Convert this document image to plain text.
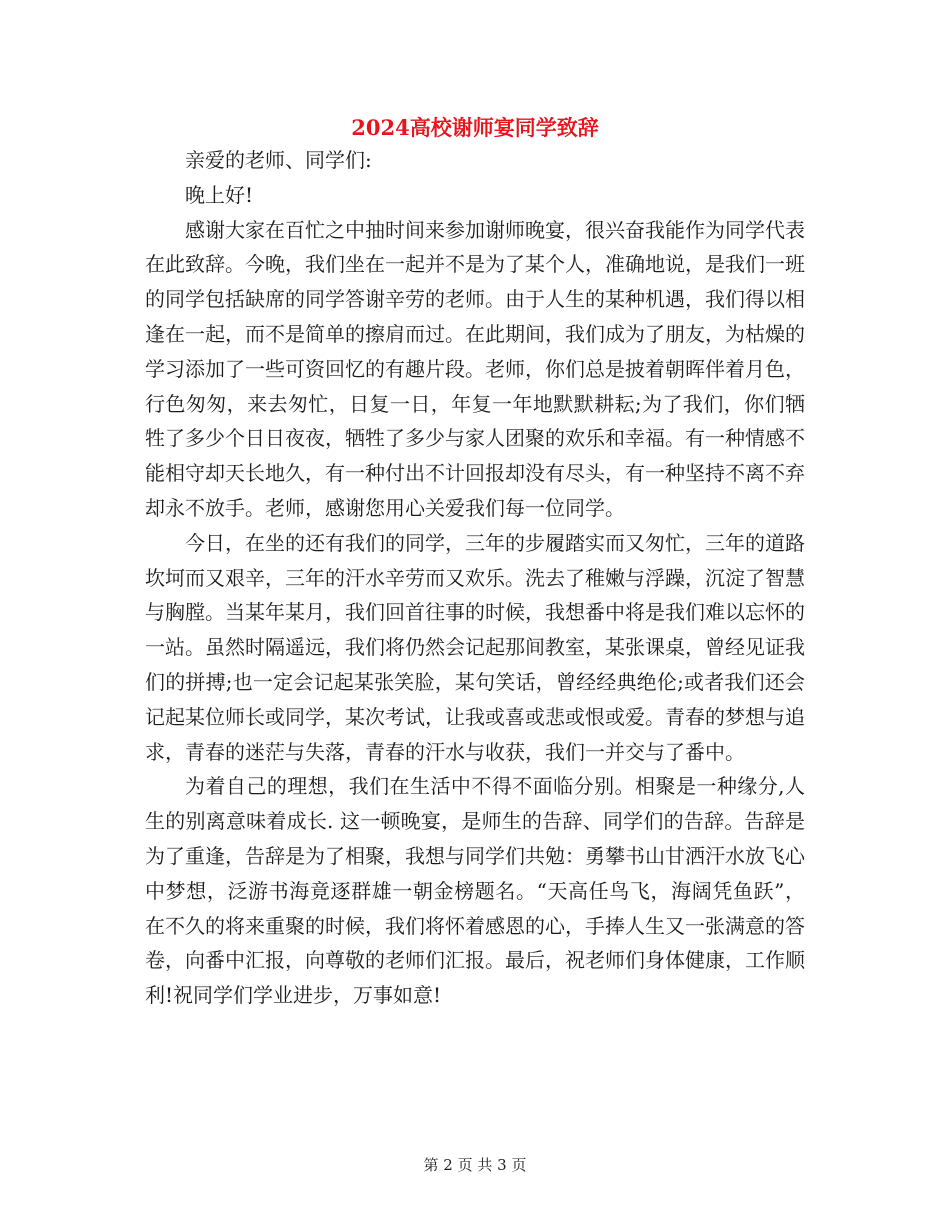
2024高校谢师宴同学致辞

亲爱的老师、同学们:

晚上好!

感谢大家在百忙之中抽时间来参加谢师晚宴，很兴奋我能作为同学代表在此致辞。今晚，我们坐在一起并不是为了某个人，准确地说，是我们一班的同学包括缺席的同学答谢辛劳的老师。由于人生的某种机遇，我们得以相逢在一起，而不是简单的擦肩而过。在此期间，我们成为了朋友，为枯燥的学习添加了一些可资回忆的有趣片段。老师，你们总是披着朝晖伴着月色，行色匆匆，来去匆忙，日复一日，年复一年地默默耕耘;为了我们，你们牺牲了多少个日日夜夜，牺牲了多少与家人团聚的欢乐和幸福。有一种情感不能相守却天长地久，有一种付出不计回报却没有尽头，有一种坚持不离不弃却永不放手。老师，感谢您用心关爱我们每一位同学。

今日，在坐的还有我们的同学，三年的步履踏实而又匆忙，三年的道路坎坷而又艰辛，三年的汗水辛劳而又欢乐。洗去了稚嫩与浮躁，沉淀了智慧与胸膛。当某年某月，我们回首往事的时候，我想番中将是我们难以忘怀的一站。虽然时隔遥远，我们将仍然会记起那间教室，某张课桌，曾经见证我们的拼搏;也一定会记起某张笑脸，某句笑话，曾经经典绝伦;或者我们还会记起某位师长或同学，某次考试，让我或喜或悲或恨或爱。青春的梦想与追求，青春的迷茫与失落，青春的汗水与收获，我们一并交与了番中。

为着自己的理想，我们在生活中不得不面临分别。相聚是一种缘分,人生的别离意味着成长. 这一顿晚宴，是师生的告辞、同学们的告辞。告辞是为了重逢，告辞是为了相聚，我想与同学们共勉：勇攀书山甘洒汗水放飞心中梦想，泛游书海竟逐群雄一朝金榜题名。“天高任鸟飞，海阔凭鱼跃”，在不久的将来重聚的时候，我们将怀着感恩的心，手捧人生又一张满意的答卷，向番中汇报，向尊敬的老师们汇报。最后，祝老师们身体健康，工作顺利!祝同学们学业进步，万事如意!

第 2 页 共 3 页
